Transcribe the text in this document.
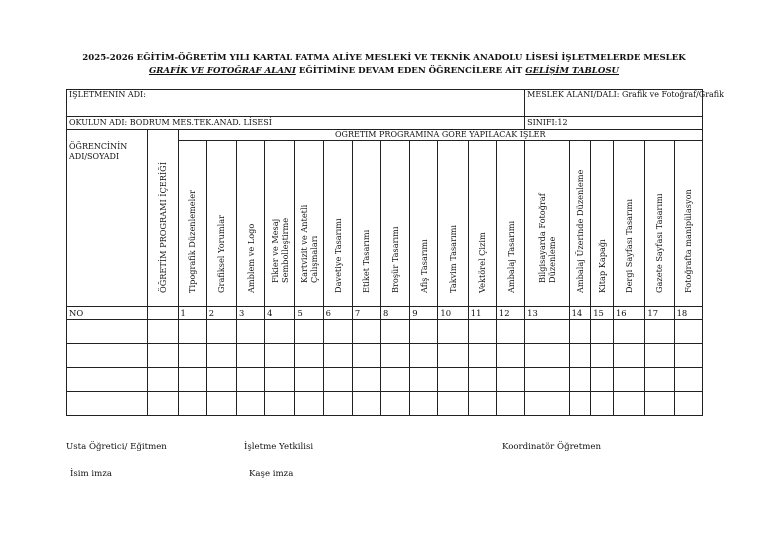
2025-2026 EĞİTİM-ÖĞRETİM YILI KARTAL FATMA ALİYE MESLEKİ VE TEKNİK ANADOLU LİSESİ İŞLETMELERDE MESLEK
GRAFİK VE FOTOĞRAF ALANI EĞİTİMİNE DEVAM EDEN ÖĞRENCİLERE AİT GELİŞİM TABLOSU
İŞLETMENİN ADI:														MESLEK ALANI/DALI: Grafik ve Fotoğraf/Grafik					
OKULUN ADI: BODRUM MES.TEK.ANAD. LİSESİ														SINIFI:12					
ÖĞRENCİNİN ADI/SOYADI	ÖĞRETİM PROGRAMI İÇERİĞİ	ÖĞRETİM PROGRAMINA GÖRE YAPILACAK İŞLER																	

		Tipografik Düzenlemeler	Grafiksel Yorumlar	Amblem ve Logo	Fikier ve Mesaj Sembolleştirme	Kartvizit ve Antetli Çalışmaları	Davetiye Tasarımı	Etiket Tasarımı	Broşür Tasarımı	Afiş Tasarımı	Takvim Tasarımı	Vektörel Çizim	Ambalaj Tasarımı	Bilgisayarda Fotoğraf Düzenleme	Ambalaj Üzerinde Düzenleme	Kitap Kapağı	Dergi Sayfası Tasarımı	Gazete Sayfası Tasarımı	Fotoğrafta manipülasyon

NO		1	2	3	4	5	6	7	8	9	10	11	12	13	14	15	16	17	18

Usta Öğretici/ Eğitmen
İsim imza
İşletme Yetkilisi
Kaşe imza
Koordinatör Öğretmen
